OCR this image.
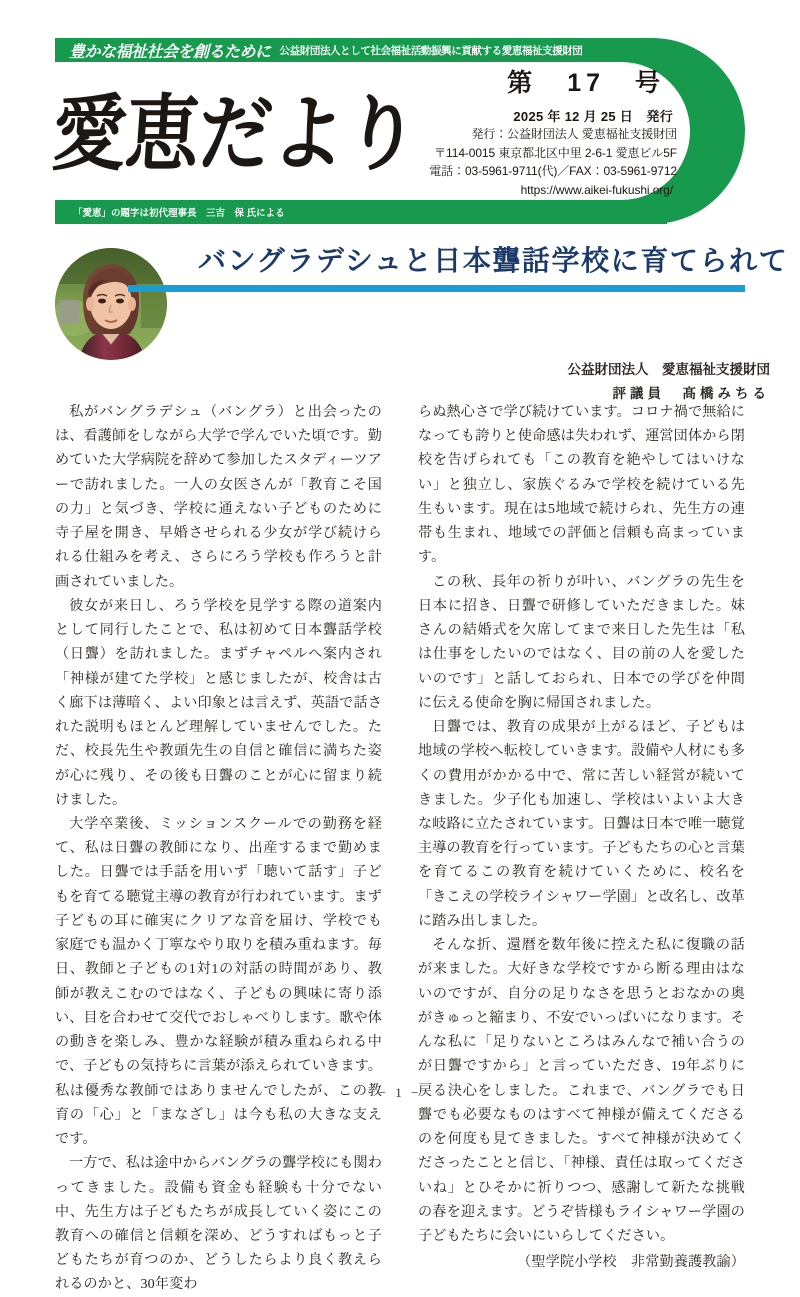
豊かな福祉社会を創るために 公益財団法人として社会福祉活動振興に貢献する愛恵福祉支援財団
愛恵だより
第　17　号
2025 年 12 月 25 日　発行
発行：公益財団法人 愛恵福祉支援財団
〒114-0015 東京都北区中里 2-6-1 愛恵ビル5F
電話：03-5961-9711(代)／FAX：03-5961-9712
https://www.aikei-fukushi.org/
「愛恵」の題字は初代理事長　三吉　保 氏による
バングラデシュと日本聾話学校に育てられて
公益財団法人　愛恵福祉支援財団
評議員　髙橋みちる

私がバングラデシュ（バングラ）と出会ったのは、看護師をしながら大学で学んでいた頃です。勤めていた大学病院を辞めて参加したスタディーツアーで訪れました。一人の女医さんが「教育こそ国の力」と気づき、学校に通えない子どものために寺子屋を開き、早婚させられる少女が学び続けられる仕組みを考え、さらにろう学校も作ろうと計画されていました。

彼女が来日し、ろう学校を見学する際の道案内として同行したことで、私は初めて日本聾話学校（日聾）を訪れました。まずチャペルへ案内され「神様が建てた学校」と感じましたが、校舎は古く廊下は薄暗く、よい印象とは言えず、英語で話された説明もほとんど理解していませんでした。ただ、校長先生や教頭先生の自信と確信に満ちた姿が心に残り、その後も日聾のことが心に留まり続けました。

大学卒業後、ミッションスクールでの勤務を経て、私は日聾の教師になり、出産するまで勤めました。日聾では手話を用いず「聴いて話す」子どもを育てる聴覚主導の教育が行われています。まず子どもの耳に確実にクリアな音を届け、学校でも家庭でも温かく丁寧なやり取りを積み重ねます。毎日、教師と子どもの1対1の対話の時間があり、教師が教えこむのではなく、子どもの興味に寄り添い、目を合わせて交代でおしゃべりします。歌や体の動きを楽しみ、豊かな経験が積み重ねられる中で、子どもの気持ちに言葉が添えられていきます。私は優秀な教師ではありませんでしたが、この教育の「心」と「まなざし」は今も私の大きな支えです。

一方で、私は途中からバングラの聾学校にも関わってきました。設備も資金も経験も十分でない中、先生方は子どもたちが成長していく姿にこの教育への確信と信頼を深め、どうすればもっと子どもたちが育つのか、どうしたらより良く教えられるのかと、30年変わ

らぬ熱心さで学び続けています。コロナ禍で無給になっても誇りと使命感は失われず、運営団体から閉校を告げられても「この教育を絶やしてはいけない」と独立し、家族ぐるみで学校を続けている先生もいます。現在は5地域で続けられ、先生方の連帯も生まれ、地域での評価と信頼も高まっています。

この秋、長年の祈りが叶い、バングラの先生を日本に招き、日聾で研修していただきました。妹さんの結婚式を欠席してまで来日した先生は「私は仕事をしたいのではなく、目の前の人を愛したいのです」と話しておられ、日本での学びを仲間に伝える使命を胸に帰国されました。

日聾では、教育の成果が上がるほど、子どもは地域の学校へ転校していきます。設備や人材にも多くの費用がかかる中で、常に苦しい経営が続いてきました。少子化も加速し、学校はいよいよ大きな岐路に立たされています。日聾は日本で唯一聴覚主導の教育を行っています。子どもたちの心と言葉を育てるこの教育を続けていくために、校名を「きこえの学校ライシャワー学園」と改名し、改革に踏み出しました。

そんな折、還暦を数年後に控えた私に復職の話が来ました。大好きな学校ですから断る理由はないのですが、自分の足りなさを思うとおなかの奥がきゅっと縮まり、不安でいっぱいになります。そんな私に「足りないところはみんなで補い合うのが日聾ですから」と言っていただき、19年ぶりに戻る決心をしました。これまで、バングラでも日聾でも必要なものはすべて神様が備えてくださるのを何度も見てきました。すべて神様が決めてくださったことと信じ、「神様、責任は取ってくださいね」とひそかに祈りつつ、感謝して新たな挑戦の春を迎えます。どうぞ皆様もライシャワー学園の子どもたちに会いにいらしてください。

（聖学院小学校　非常勤養護教諭）

− 1 −
